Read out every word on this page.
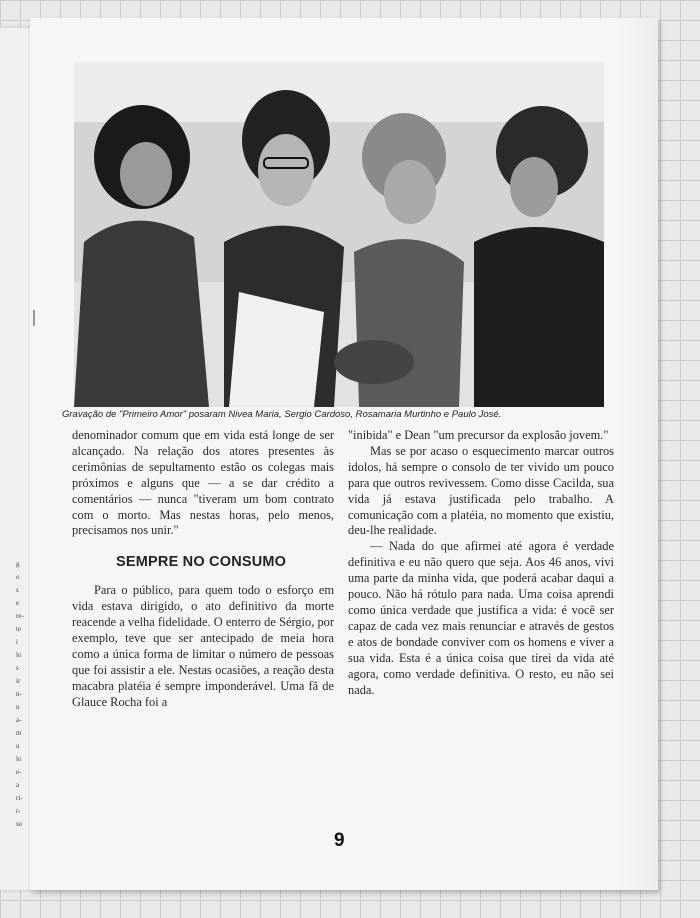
g
o
s
e
re-
te
i
lo
s
ir
n-
u
a-
m
u
lo
e-
a
ri-
r-
so
Gravação de "Primeiro Amor" posaram Nivea Maria, Sergio Cardoso, Rosamaria Murtinho e Paulo José.

denominador comum que em vida está longe de ser alcançado. Na relação dos atores presentes às cerimônias de sepultamento estão os colegas mais próximos e alguns que — a se dar crédito a comentários — nunca "tiveram um bom contrato com o morto. Mas nestas horas, pelo menos, precisamos nos unir."

SEMPRE NO CONSUMO

Para o público, para quem todo o esforço em vida estava dirigido, o ato definitivo da morte reacende a velha fidelidade. O enterro de Sérgio, por exemplo, teve que ser antecipado de meia hora como a única forma de limitar o número de pessoas que foi assistir a ele. Nestas ocasiões, a reação desta macabra platéia é sempre imponderável. Uma fã de Glauce Rocha foi a

"inibida" e Dean "um precursor da explosão jovem."

Mas se por acaso o esquecimento marcar outros idolos, há sempre o consolo de ter vivido um pouco para que outros revivessem. Como disse Cacilda, sua vida já estava justificada pelo trabalho. A comunicação com a platéia, no momento que existiu, deu-lhe realidade.

— Nada do que afirmei até agora é verdade definitiva e eu não quero que seja. Aos 46 anos, vivi uma parte da minha vida, que poderá acabar daqui a pouco. Não há rótulo para nada. Uma coisa aprendi como única verdade que justifica a vida: é você ser capaz de cada vez mais renunciar e através de gestos e atos de bondade conviver com os homens e viver a sua vida. Esta é a única coisa que tirei da vida até agora, como verdade definitiva. O resto, eu não sei nada.

9
